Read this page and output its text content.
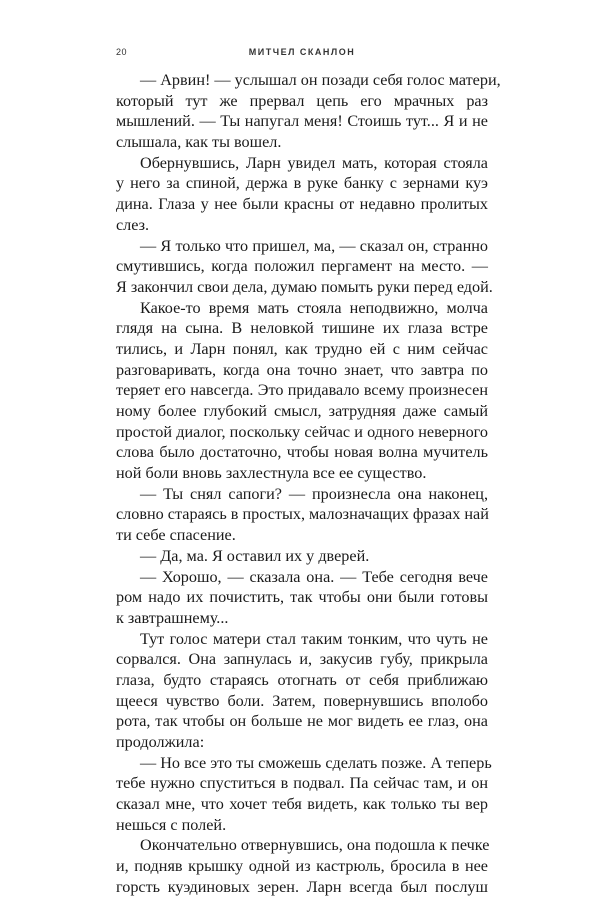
20	МИТЧЕЛ СКАНЛОН
— Арвин! — услышал он позади себя голос матери,
который тут же прервал цепь его мрачных раз
мышлений. — Ты напугал меня! Стоишь тут... Я и не
слышала, как ты вошел.
Обернувшись, Ларн увидел мать, которая стояла
у него за спиной, держа в руке банку с зернами куэ
дина. Глаза у нее были красны от недавно пролитых
слез.
— Я только что пришел, ма, — сказал он, странно
смутившись, когда положил пергамент на место. —
Я закончил свои дела, думаю помыть руки перед едой.
Какое-то время мать стояла неподвижно, молча
глядя на сына. В неловкой тишине их глаза встре
тились, и Ларн понял, как трудно ей с ним сейчас
разговаривать, когда она точно знает, что завтра по
теряет его навсегда. Это придавало всему произнесен
ному более глубокий смысл, затрудняя даже самый
простой диалог, поскольку сейчас и одного неверного
слова было достаточно, чтобы новая волна мучитель
ной боли вновь захлестнула все ее существо.
— Ты снял сапоги? — произнесла она наконец,
словно стараясь в простых, малозначащих фразах най
ти себе спасение.
— Да, ма. Я оставил их у дверей.
— Хорошо, — сказала она. — Тебе сегодня вече
ром надо их почистить, так чтобы они были готовы
к завтрашнему...
Тут голос матери стал таким тонким, что чуть не
сорвался. Она запнулась и, закусив губу, прикрыла
глаза, будто стараясь отогнать от себя приближаю
щееся чувство боли. Затем, повернувшись вполобо
рота, так чтобы он больше не мог видеть ее глаз, она
продолжила:
— Но все это ты сможешь сделать позже. А теперь
тебе нужно спуститься в подвал. Па сейчас там, и он
сказал мне, что хочет тебя видеть, как только ты вер
нешься с полей.
Окончательно отвернувшись, она подошла к печке
и, подняв крышку одной из кастрюль, бросила в нее
горсть куэдиновых зерен. Ларн всегда был послуш
